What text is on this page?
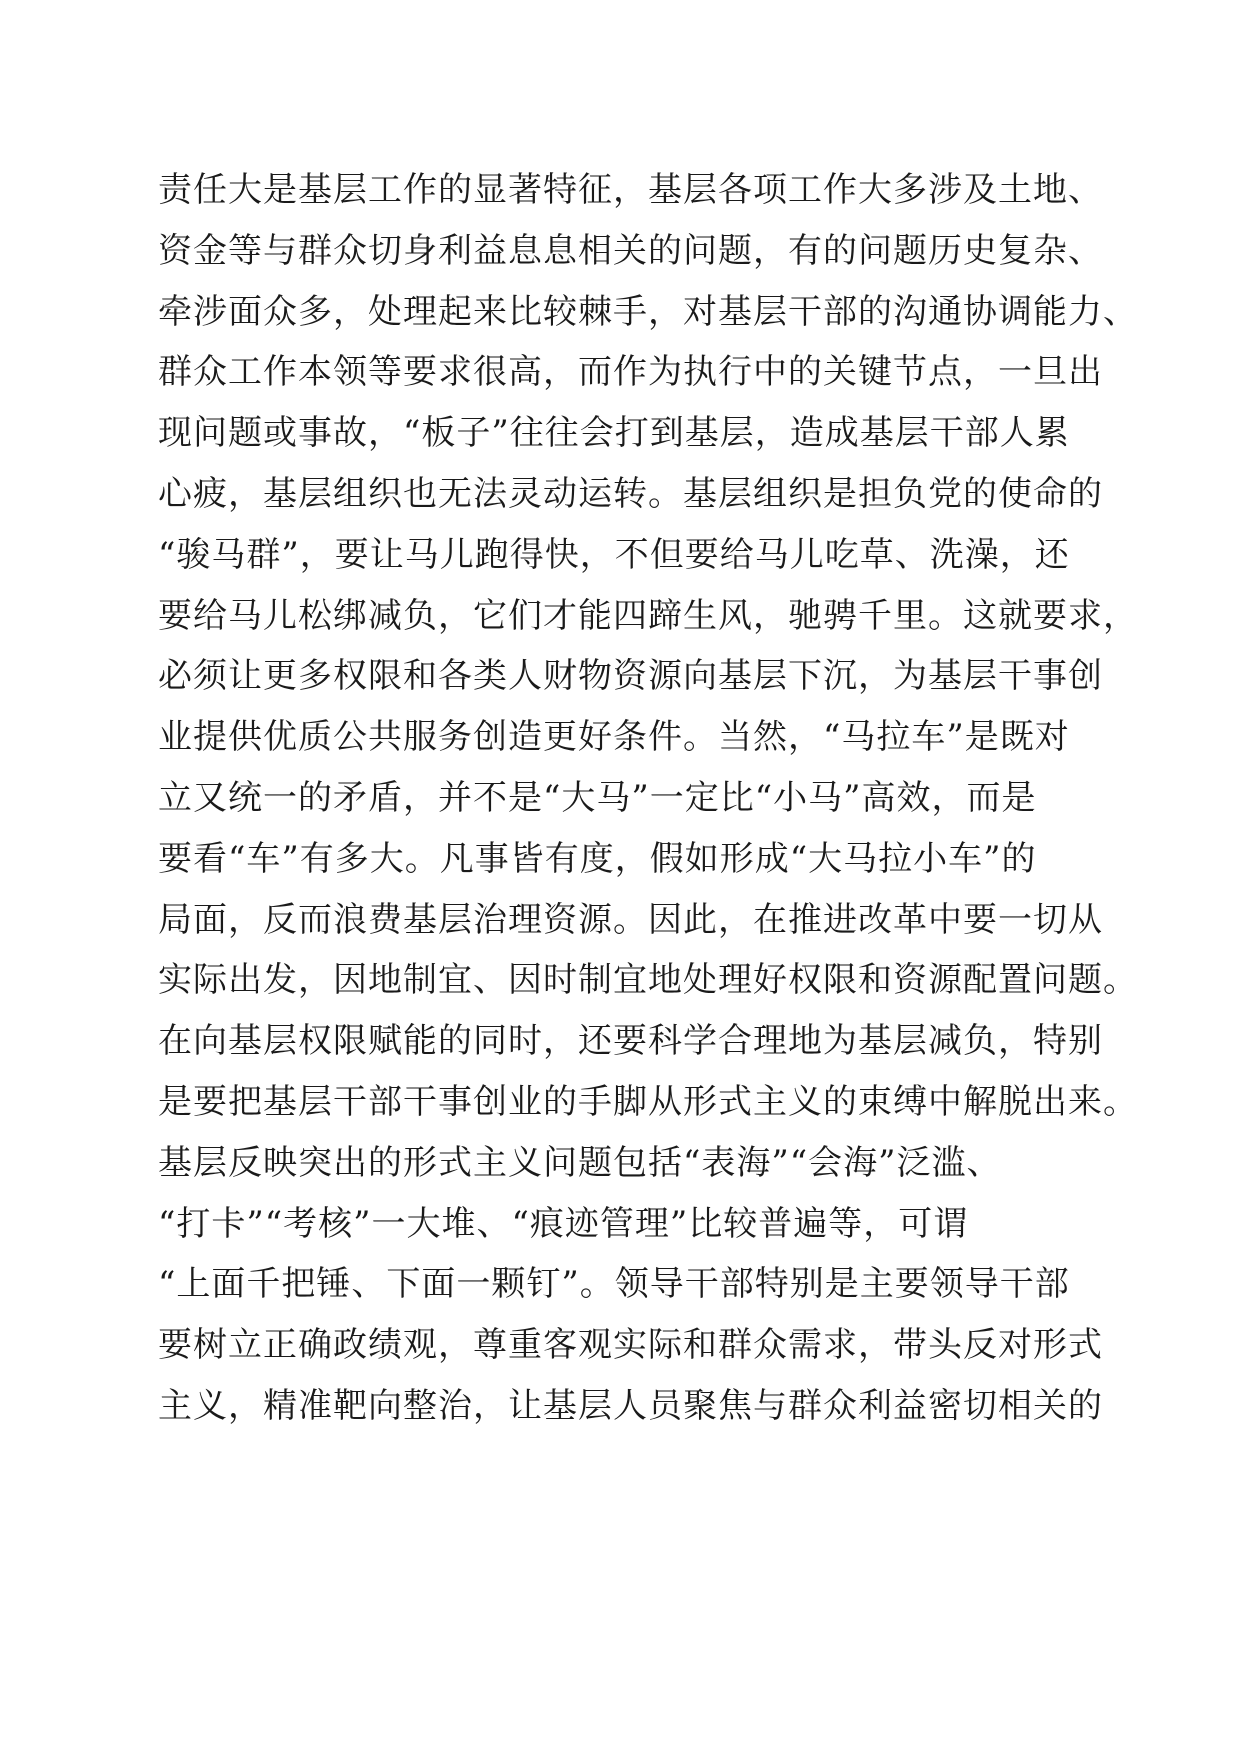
责任大是基层工作的显著特征，基层各项工作大多涉及土地、
资金等与群众切身利益息息相关的问题，有的问题历史复杂、
牵涉面众多，处理起来比较棘手，对基层干部的沟通协调能力、
群众工作本领等要求很高，而作为执行中的关键节点，一旦出
现问题或事故，“板子”往往会打到基层，造成基层干部人累
心疲，基层组织也无法灵动运转。基层组织是担负党的使命的
“骏马群”，要让马儿跑得快，不但要给马儿吃草、洗澡，还
要给马儿松绑减负，它们才能四蹄生风，驰骋千里。这就要求，
必须让更多权限和各类人财物资源向基层下沉，为基层干事创
业提供优质公共服务创造更好条件。当然，“马拉车”是既对
立又统一的矛盾，并不是“大马”一定比“小马”高效，而是
要看“车”有多大。凡事皆有度，假如形成“大马拉小车”的
局面，反而浪费基层治理资源。因此，在推进改革中要一切从
实际出发，因地制宜、因时制宜地处理好权限和资源配置问题。
在向基层权限赋能的同时，还要科学合理地为基层减负，特别
是要把基层干部干事创业的手脚从形式主义的束缚中解脱出来。
基层反映突出的形式主义问题包括“表海”“会海”泛滥、
“打卡”“考核”一大堆、“痕迹管理”比较普遍等，可谓
“上面千把锤、下面一颗钉”。领导干部特别是主要领导干部
要树立正确政绩观，尊重客观实际和群众需求，带头反对形式
主义，精准靶向整治，让基层人员聚焦与群众利益密切相关的
